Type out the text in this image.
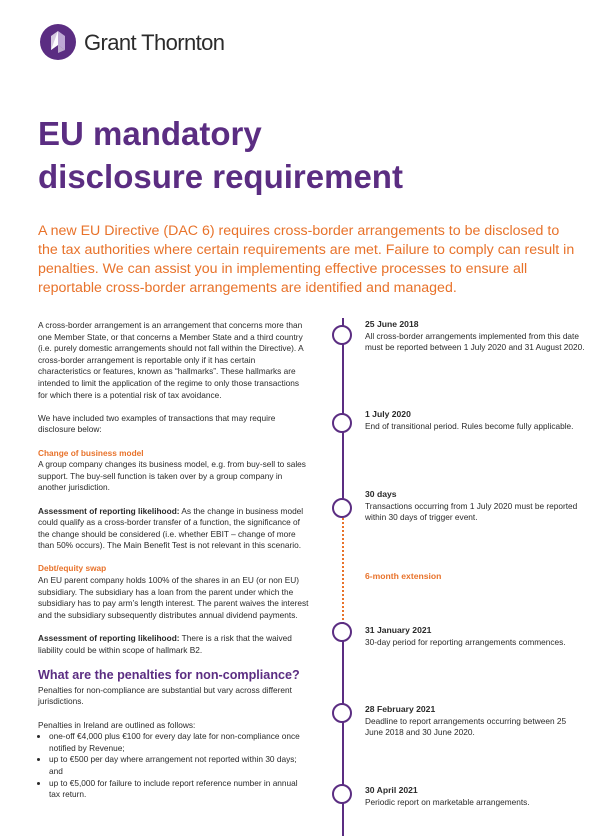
Grant Thornton
EU mandatory
disclosure requirement
A new EU Directive (DAC 6) requires cross-border arrangements to be disclosed to the tax authorities where certain requirements are met. Failure to comply can result in penalties. We can assist you in implementing effective processes to ensure all reportable cross-border arrangements are identified and managed.

A cross-border arrangement is an arrangement that concerns more than one Member State, or that concerns a Member State and a third country (i.e. purely domestic arrangements should not fall within the Directive). A cross-border arrangement is reportable only if it has certain characteristics or features, known as “hallmarks”. These hallmarks are intended to limit the application of the regime to only those transactions for which there is a potential risk of tax avoidance.

We have included two examples of transactions that may require disclosure below:

Change of business model

A group company changes its business model, e.g. from buy-sell to sales support. The buy-sell function is taken over by a group company in another jurisdiction.

Assessment of reporting likelihood: As the change in business model could qualify as a cross-border transfer of a function, the significance of the change should be considered (i.e. whether EBIT – change of more than 50% occurs). The Main Benefit Test is not relevant in this scenario.

Debt/equity swap

An EU parent company holds 100% of the shares in an EU (or non EU) subsidiary. The subsidiary has a loan from the parent under which the subsidiary has to pay arm’s length interest. The parent waives the interest and the subsidiary subsequently distributes annual dividend payments.

Assessment of reporting likelihood: There is a risk that the waived liability could be within scope of hallmark B2.

What are the penalties for non-compliance?

Penalties for non-compliance are substantial but vary across different jurisdictions.

Penalties in Ireland are outlined as follows:

• one-off €4,000 plus €100 for every day late for non-compliance once notified by Revenue;
• up to €500 per day where arrangement not reported within 30 days; and
• up to €5,000 for failure to include report reference number in annual tax return.
25 June 2018
All cross-border arrangements implemented from this date must be reported between 1 July 2020 and 31 August 2020.
1 July 2020
End of transitional period. Rules become fully applicable.
30 days
Transactions occurring from 1 July 2020 must be reported within 30 days of trigger event.
6-month extension
31 January 2021
30-day period for reporting arrangements commences.
28 February 2021
Deadline to report arrangements occurring between 25 June 2018 and 30 June 2020.
30 April 2021
Periodic report on marketable arrangements.
